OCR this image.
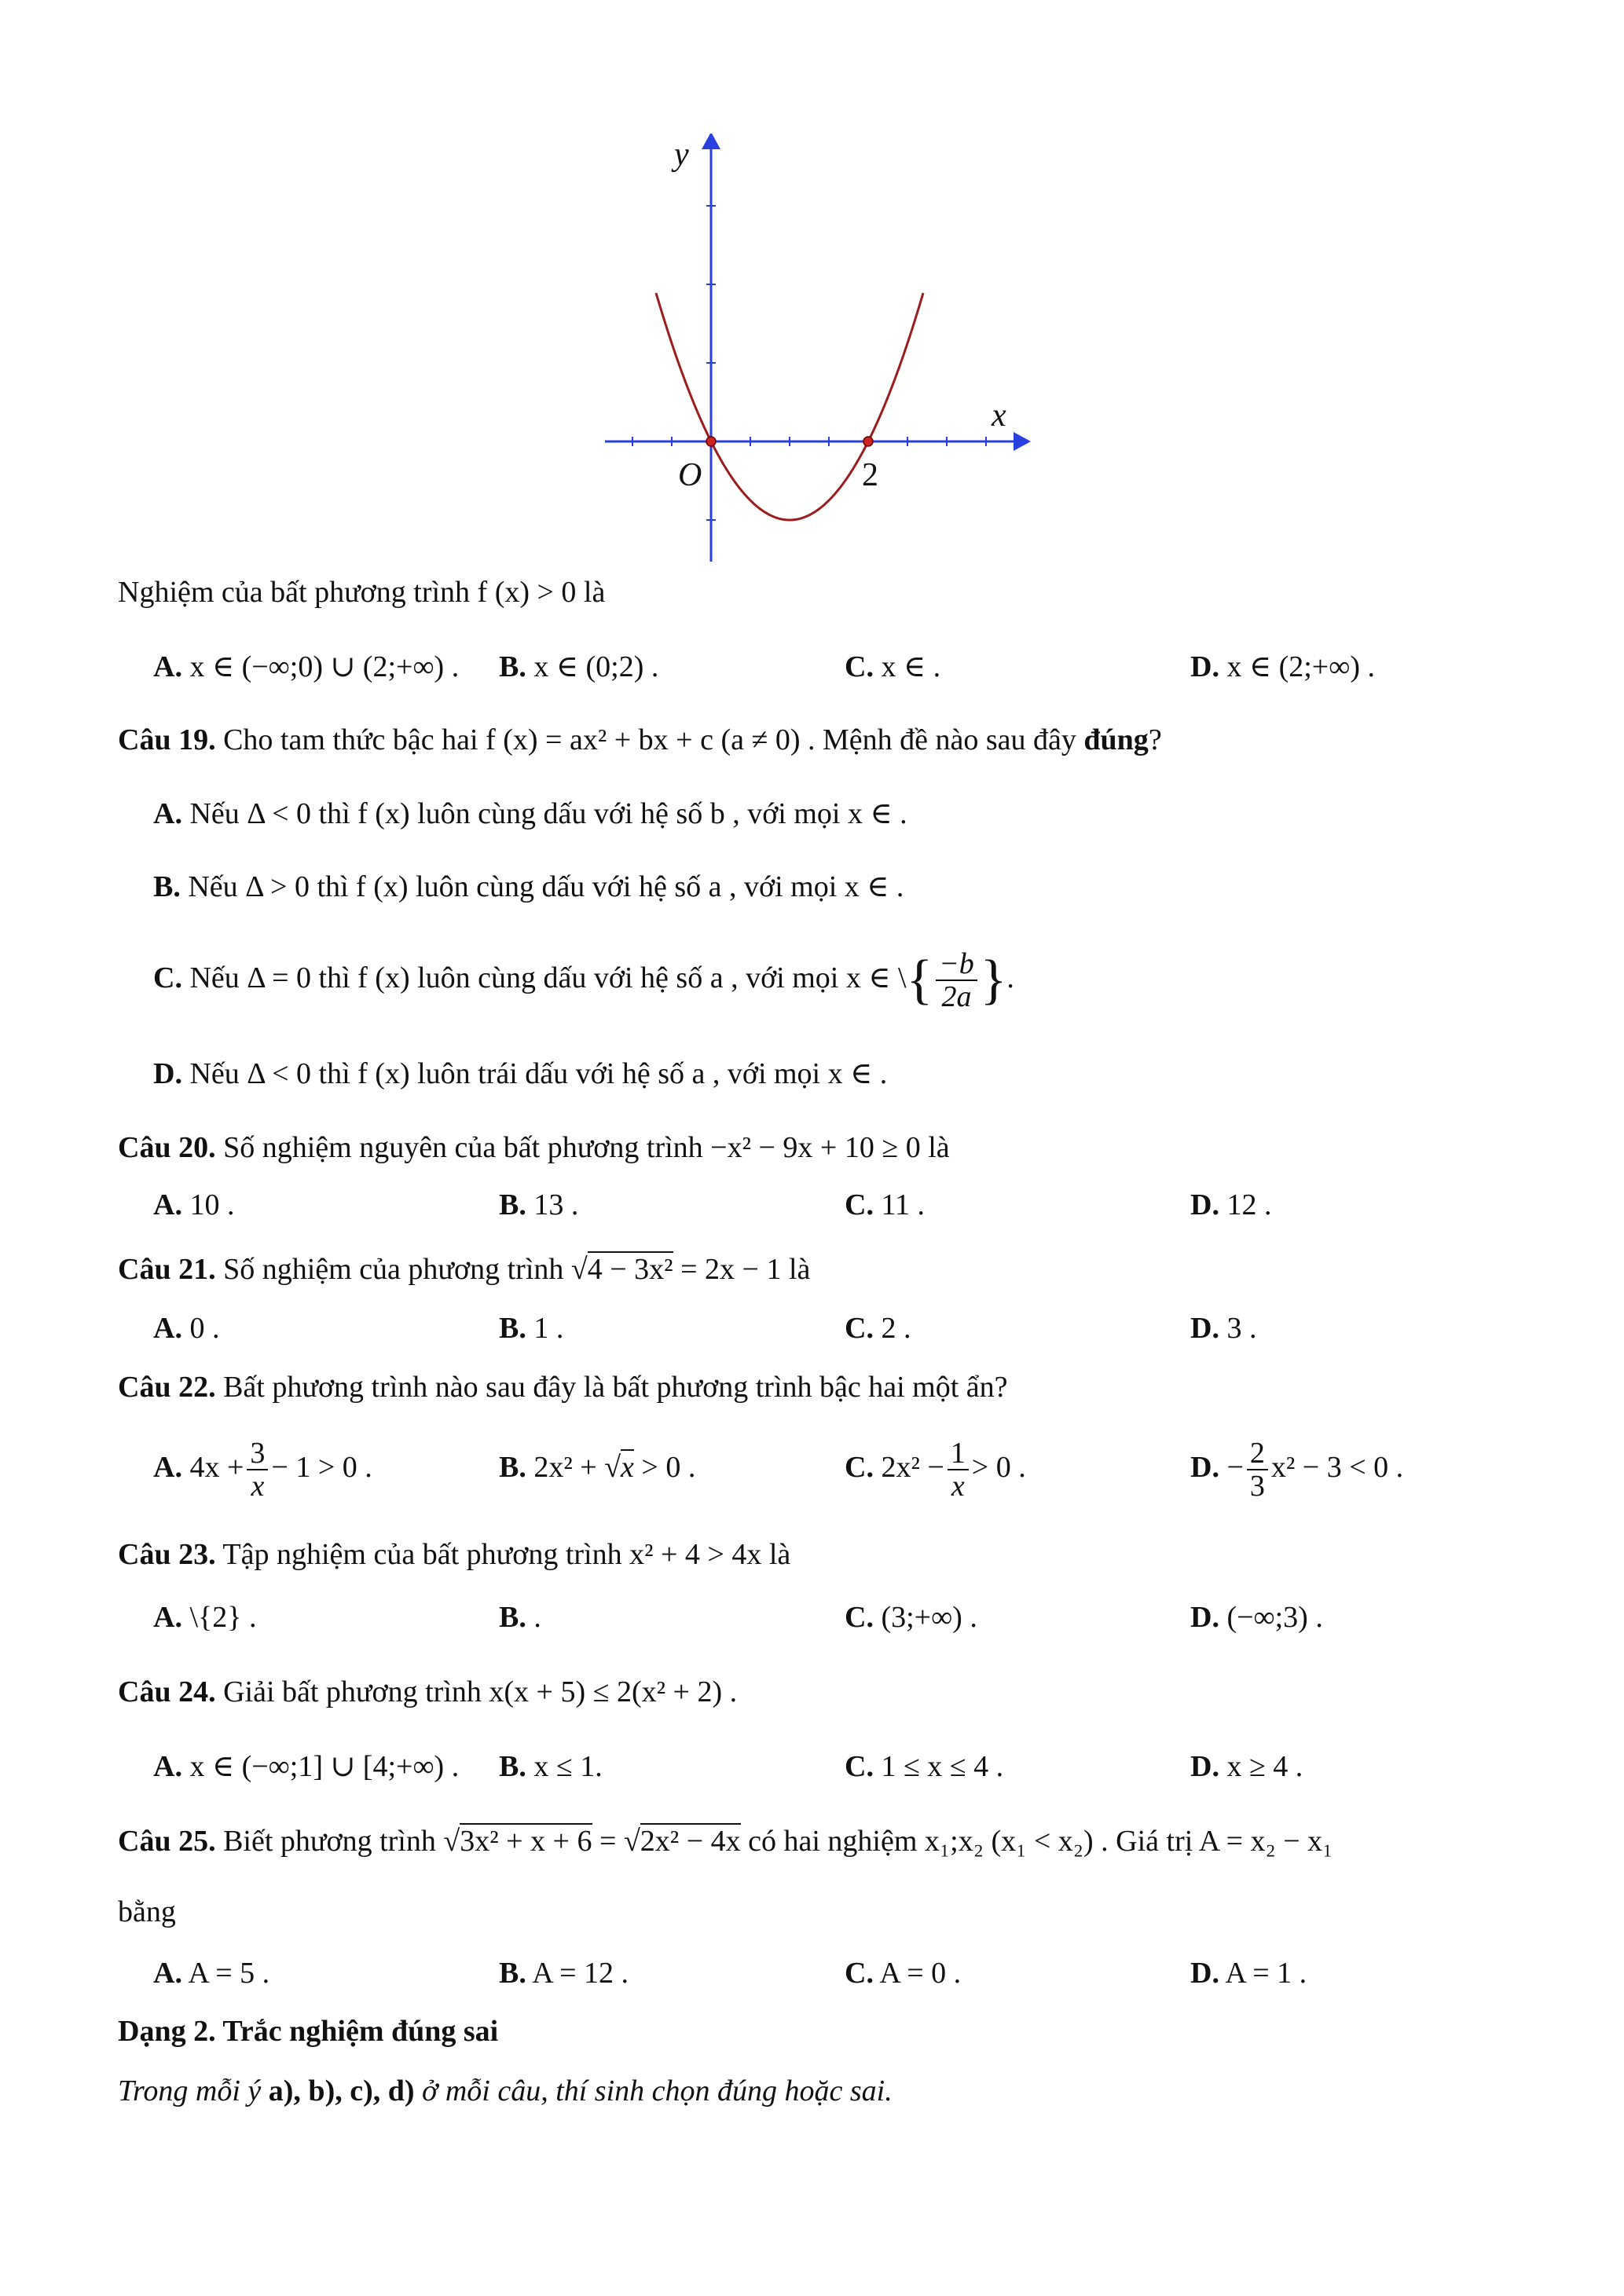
y
x
O	2
Nghiệm của bất phương trình f (x) > 0 là
A. x ∈ (−∞;0) ∪ (2;+∞) . B. x ∈ (0;2) .	C. x ∈ .	D. x ∈ (2;+∞) .
Câu 19. Cho tam thức bậc hai f (x) = ax² + bx + c (a ≠ 0) . Mệnh đề nào sau đây đúng?
A. Nếu Δ < 0 thì f (x) luôn cùng dấu với hệ số b , với mọi x ∈ .
B. Nếu Δ > 0 thì f (x) luôn cùng dấu với hệ số a , với mọi x ∈ .
C. Nếu Δ = 0 thì f (x) luôn cùng dấu với hệ số a , với mọi x ∈ \{ $\frac{-b}{2a}$ }.
D. Nếu Δ < 0 thì f (x) luôn trái dấu với hệ số a , với mọi x ∈ .
Câu 20. Số nghiệm nguyên của bất phương trình −x² − 9x + 10 ≥ 0 là
A. 10 .	B. 13 .	C. 11 .	D. 12 .
Câu 21. Số nghiệm của phương trình √4 − 3x² = 2x − 1 là
A. 0 .	B. 1 .	C. 2 .	D. 3 .
Câu 22. Bất phương trình nào sau đây là bất phương trình bậc hai một ẩn?
A. $4x + \frac{3}{x} - 1 > 0$ .	B. 2x² + √x > 0 .	C. $2x^2 - \frac{1}{x} > 0$ .	D. − $\frac{2}{3} x^2 - 3 < 0$ .
Câu 23. Tập nghiệm của bất phương trình x² + 4 > 4x là
A. \{2} .	B. .	C. (3;+∞) .	D. (−∞;3) .
Câu 24. Giải bất phương trình x(x + 5) ≤ 2(x² + 2) .
A. x ∈ (−∞;1] ∪ [4;+∞) . B. x ≤ 1.	C. 1 ≤ x ≤ 4 .	D. x ≥ 4 .
Câu 25. Biết phương trình √3x² + x + 6 = √2x² − 4x có hai nghiệm x₁;x₂ (x₁ < x₂) . Giá trị A = x₂ − x₁
bằng
A. A = 5 .	B. A = 12 .	C. A = 0 .	D. A = 1 .
Dạng 2. Trắc nghiệm đúng sai
Trong mỗi ý a), b), c), d) ở mỗi câu, thí sinh chọn đúng hoặc sai.
